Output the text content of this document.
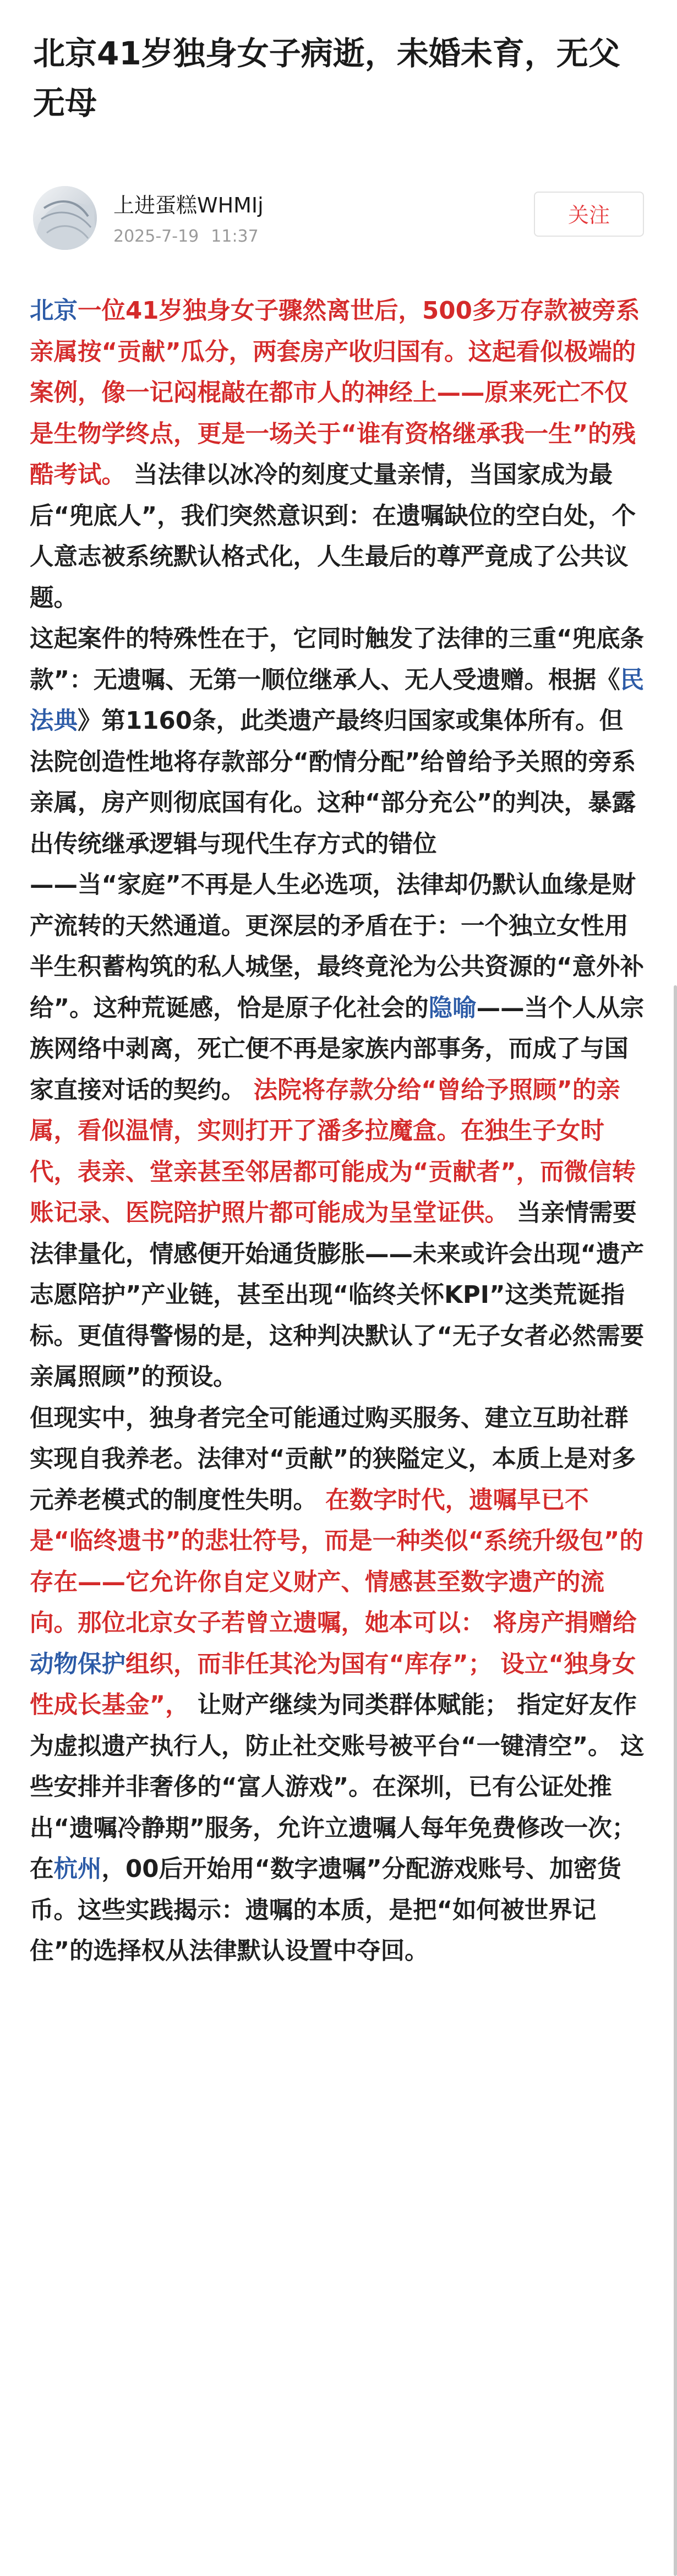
北京41岁独身女子病逝，未婚未育，无父无母
上进蛋糕WHMIj
2025-7-19 11:37
关注

北京一位41岁独身女子骤然离世后，500多万存款被旁系亲属按“贡献”瓜分，两套房产收归国有。这起看似极端的案例，像一记闷棍敲在都市人的神经上——原来死亡不仅是生物学终点，更是一场关于“谁有资格继承我一生”的残酷考试。 当法律以冰冷的刻度丈量亲情，当国家成为最后“兜底人”，我们突然意识到：在遗嘱缺位的空白处，个人意志被系统默认格式化，人生最后的尊严竟成了公共议题。

这起案件的特殊性在于，它同时触发了法律的三重“兜底条款”：无遗嘱、无第一顺位继承人、无人受遗赠。根据《民法典》第1160条，此类遗产最终归国家或集体所有。但法院创造性地将存款部分“酌情分配”给曾给予关照的旁系亲属，房产则彻底国有化。这种“部分充公”的判决，暴露出传统继承逻辑与现代生存方式的错位

——当“家庭”不再是人生必选项，法律却仍默认血缘是财产流转的天然通道。更深层的矛盾在于：一个独立女性用半生积蓄构筑的私人城堡，最终竟沦为公共资源的“意外补给”。这种荒诞感，恰是原子化社会的隐喻——当个人从宗族网络中剥离，死亡便不再是家族内部事务，而成了与国家直接对话的契约。 法院将存款分给“曾给予照顾”的亲属，看似温情，实则打开了潘多拉魔盒。在独生子女时代，表亲、堂亲甚至邻居都可能成为“贡献者”，而微信转账记录、医院陪护照片都可能成为呈堂证供。 当亲情需要法律量化，情感便开始通货膨胀——未来或许会出现“遗产志愿陪护”产业链，甚至出现“临终关怀KPI”这类荒诞指标。更值得警惕的是，这种判决默认了“无子女者必然需要亲属照顾”的预设。

但现实中，独身者完全可能通过购买服务、建立互助社群实现自我养老。法律对“贡献”的狭隘定义，本质上是对多元养老模式的制度性失明。 在数字时代，遗嘱早已不是“临终遗书”的悲壮符号，而是一种类似“系统升级包”的存在——它允许你自定义财产、情感甚至数字遗产的流向。那位北京女子若曾立遗嘱，她本可以： 将房产捐赠给动物保护组织，而非任其沦为国有“库存”； 设立“独身女性成长基金”， 让财产继续为同类群体赋能； 指定好友作为虚拟遗产执行人，防止社交账号被平台“一键清空”。 这些安排并非奢侈的“富人游戏”。在深圳，已有公证处推出“遗嘱冷静期”服务，允许立遗嘱人每年免费修改一次；在杭州，00后开始用“数字遗嘱”分配游戏账号、加密货币。这些实践揭示：遗嘱的本质，是把“如何被世界记住”的选择权从法律默认设置中夺回。
